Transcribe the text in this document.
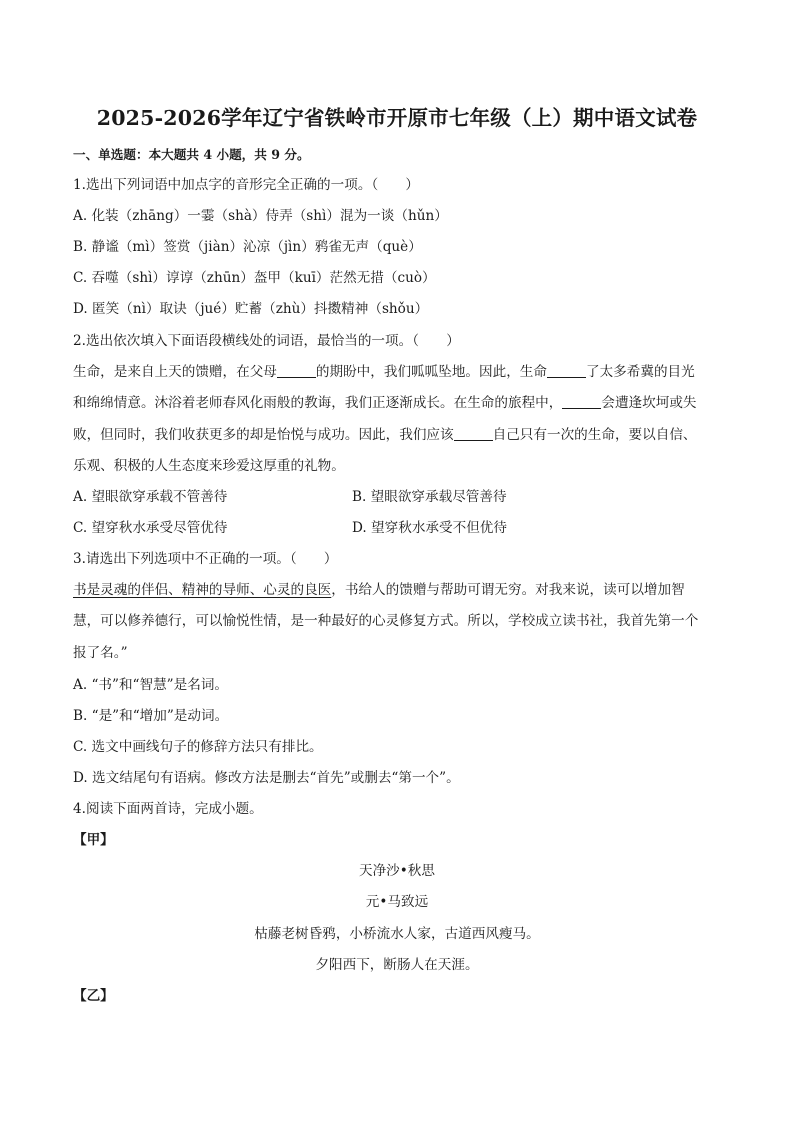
2025-2026学年辽宁省铁岭市开原市七年级（上）期中语文试卷
一、单选题：本大题共 4 小题，共 9 分。
1.选出下列词语中加点字的音形完全正确的一项。（　　）
A. 化装（zhāng）一霎（shà）侍弄（shì）混为一谈（hǔn）
B. 静谧（mì）签赏（jiàn）沁凉（jìn）鸦雀无声（què）
C. 吞噬（shì）谆谆（zhūn）盔甲（kuī）茫然无措（cuò）
D. 匿笑（nì）取诀（jué）贮蓄（zhù）抖擞精神（shǒu）
2.选出依次填入下面语段横线处的词语，最恰当的一项。（　　）
生命，是来自上天的馈赠，在父母	的期盼中，我们呱呱坠地。因此，生命	了太多希冀的目光
和绵绵情意。沐浴着老师春风化雨般的教诲，我们正逐渐成长。在生命的旅程中，	会遭逢坎坷或失
败，但同时，我们收获更多的却是怡悦与成功。因此，我们应该	自己只有一次的生命，要以自信、
乐观、积极的人生态度来珍爱这厚重的礼物。
A. 望眼欲穿承载不管善待	B. 望眼欲穿承载尽管善待
C. 望穿秋水承受尽管优待	D. 望穿秋水承受不但优待
3.请选出下列选项中不正确的一项。（　　）
书是灵魂的伴侣、精神的导师、心灵的良医，书给人的馈赠与帮助可谓无穷。对我来说，读可以增加智
慧，可以修养德行，可以愉悦性情，是一种最好的心灵修复方式。所以，学校成立读书社，我首先第一个
报了名。”
A. “书”和“智慧”是名词。
B. “是”和“增加”是动词。
C. 选文中画线句子的修辞方法只有排比。
D. 选文结尾句有语病。修改方法是删去“首先”或删去“第一个”。
4.阅读下面两首诗，完成小题。
【甲】
天净沙•秋思
元•马致远
枯藤老树昏鸦，小桥流水人家，古道西风瘦马。
夕阳西下，断肠人在天涯。
【乙】
